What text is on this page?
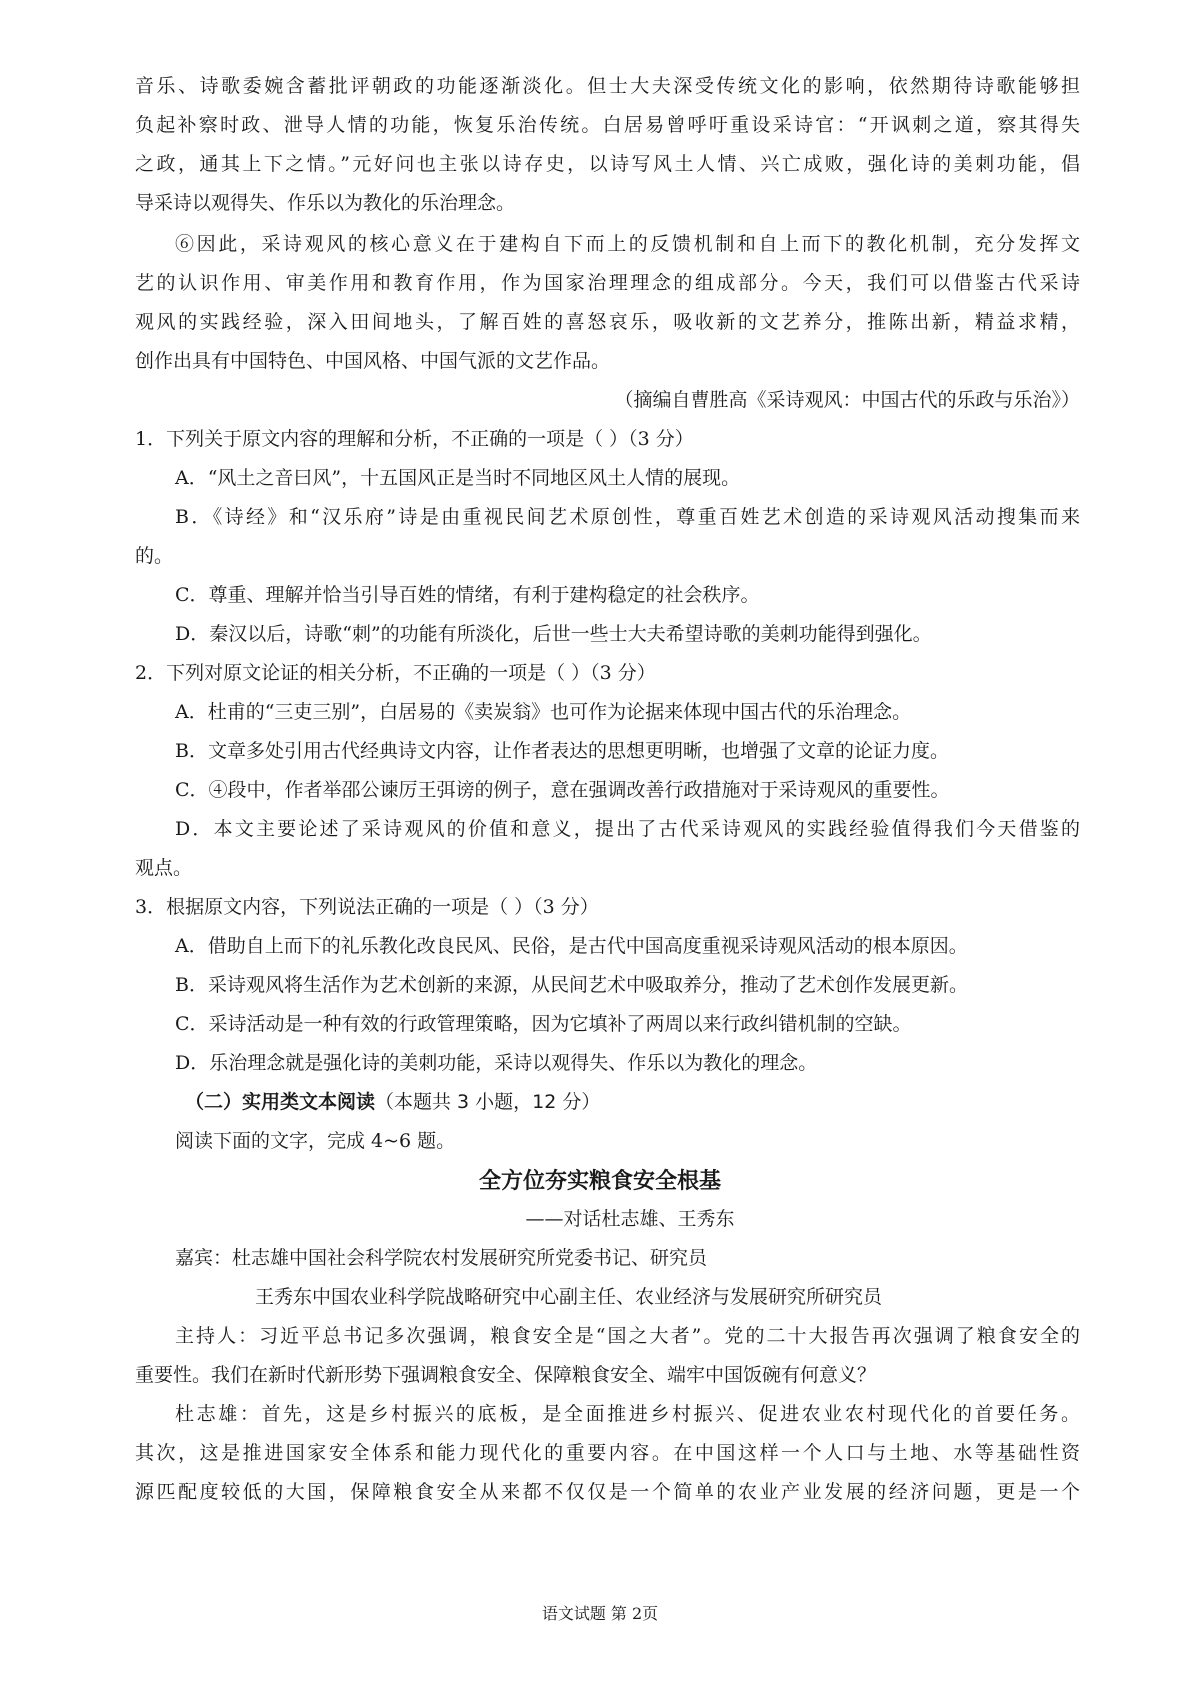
音乐、诗歌委婉含蓄批评朝政的功能逐渐淡化。但士大夫深受传统文化的影响，依然期待诗歌能够担
负起补察时政、泄导人情的功能，恢复乐治传统。白居易曾呼吁重设采诗官：“开讽刺之道，察其得失
之政，通其上下之情。”元好问也主张以诗存史，以诗写风土人情、兴亡成败，强化诗的美刺功能，倡
导采诗以观得失、作乐以为教化的乐治理念。
⑥因此，采诗观风的核心意义在于建构自下而上的反馈机制和自上而下的教化机制，充分发挥文
艺的认识作用、审美作用和教育作用，作为国家治理理念的组成部分。今天，我们可以借鉴古代采诗
观风的实践经验，深入田间地头，了解百姓的喜怒哀乐，吸收新的文艺养分，推陈出新，精益求精，
创作出具有中国特色、中国风格、中国气派的文艺作品。
（摘编自曹胜高《采诗观风：中国古代的乐政与乐治》）
1．下列关于原文内容的理解和分析，不正确的一项是（ ）（3 分）
A．“风土之音曰风”，十五国风正是当时不同地区风土人情的展现。
B．《诗经》和“汉乐府”诗是由重视民间艺术原创性，尊重百姓艺术创造的采诗观风活动搜集而来
的。
C．尊重、理解并恰当引导百姓的情绪，有利于建构稳定的社会秩序。
D．秦汉以后，诗歌“刺”的功能有所淡化，后世一些士大夫希望诗歌的美刺功能得到强化。
2．下列对原文论证的相关分析，不正确的一项是（ ）（3 分）
A．杜甫的“三吏三别”，白居易的《卖炭翁》也可作为论据来体现中国古代的乐治理念。
B．文章多处引用古代经典诗文内容，让作者表达的思想更明晰，也增强了文章的论证力度。
C．④段中，作者举邵公谏厉王弭谤的例子，意在强调改善行政措施对于采诗观风的重要性。
D．本文主要论述了采诗观风的价值和意义，提出了古代采诗观风的实践经验值得我们今天借鉴的
观点。
3．根据原文内容，下列说法正确的一项是（ ）（3 分）
A．借助自上而下的礼乐教化改良民风、民俗，是古代中国高度重视采诗观风活动的根本原因。
B．采诗观风将生活作为艺术创新的来源，从民间艺术中吸取养分，推动了艺术创作发展更新。
C．采诗活动是一种有效的行政管理策略，因为它填补了两周以来行政纠错机制的空缺。
D．乐治理念就是强化诗的美刺功能，采诗以观得失、作乐以为教化的理念。
（二）实用类文本阅读（本题共 3 小题，12 分）
阅读下面的文字，完成 4~6 题。
全方位夯实粮食安全根基
——对话杜志雄、王秀东
嘉宾：杜志雄中国社会科学院农村发展研究所党委书记、研究员
王秀东中国农业科学院战略研究中心副主任、农业经济与发展研究所研究员
主持人：习近平总书记多次强调，粮食安全是“国之大者”。党的二十大报告再次强调了粮食安全的
重要性。我们在新时代新形势下强调粮食安全、保障粮食安全、端牢中国饭碗有何意义？
杜志雄：首先，这是乡村振兴的底板，是全面推进乡村振兴、促进农业农村现代化的首要任务。
其次，这是推进国家安全体系和能力现代化的重要内容。在中国这样一个人口与土地、水等基础性资
源匹配度较低的大国，保障粮食安全从来都不仅仅是一个简单的农业产业发展的经济问题，更是一个
语文试题 第 2页
